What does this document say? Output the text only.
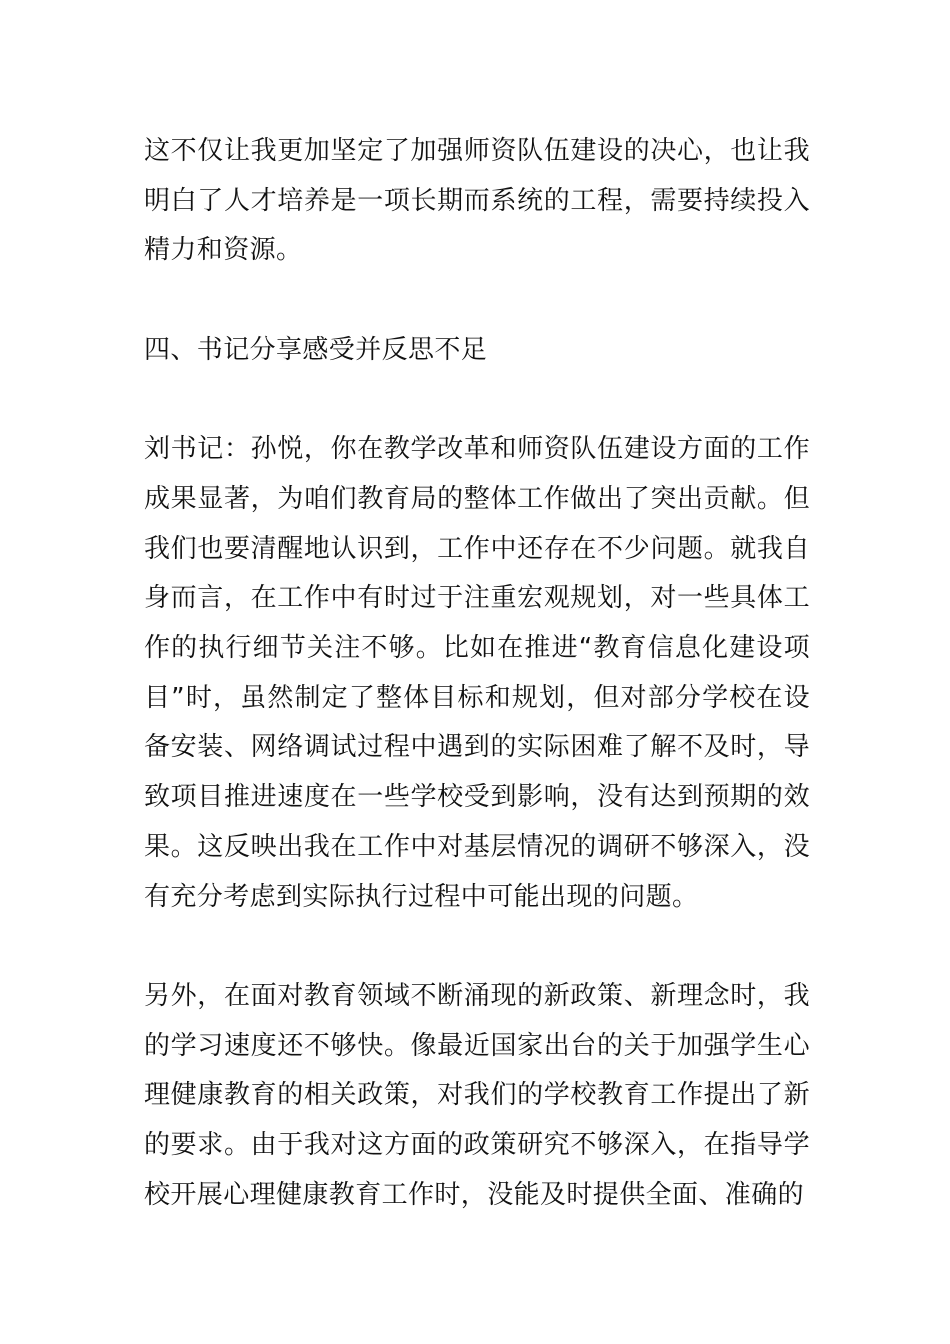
这不仅让我更加坚定了加强师资队伍建设的决心，也让我明白了人才培养是一项长期而系统的工程，需要持续投入精力和资源。

四、书记分享感受并反思不足

刘书记：孙悦，你在教学改革和师资队伍建设方面的工作成果显著，为咱们教育局的整体工作做出了突出贡献。但我们也要清醒地认识到，工作中还存在不少问题。就我自身而言，在工作中有时过于注重宏观规划，对一些具体工作的执行细节关注不够。比如在推进“教育信息化建设项目”时，虽然制定了整体目标和规划，但对部分学校在设备安装、网络调试过程中遇到的实际困难了解不及时，导致项目推进速度在一些学校受到影响，没有达到预期的效果。这反映出我在工作中对基层情况的调研不够深入，没有充分考虑到实际执行过程中可能出现的问题。

另外，在面对教育领域不断涌现的新政策、新理念时，我的学习速度还不够快。像最近国家出台的关于加强学生心理健康教育的相关政策，对我们的学校教育工作提出了新的要求。由于我对这方面的政策研究不够深入，在指导学校开展心理健康教育工作时，没能及时提供全面、准确的
